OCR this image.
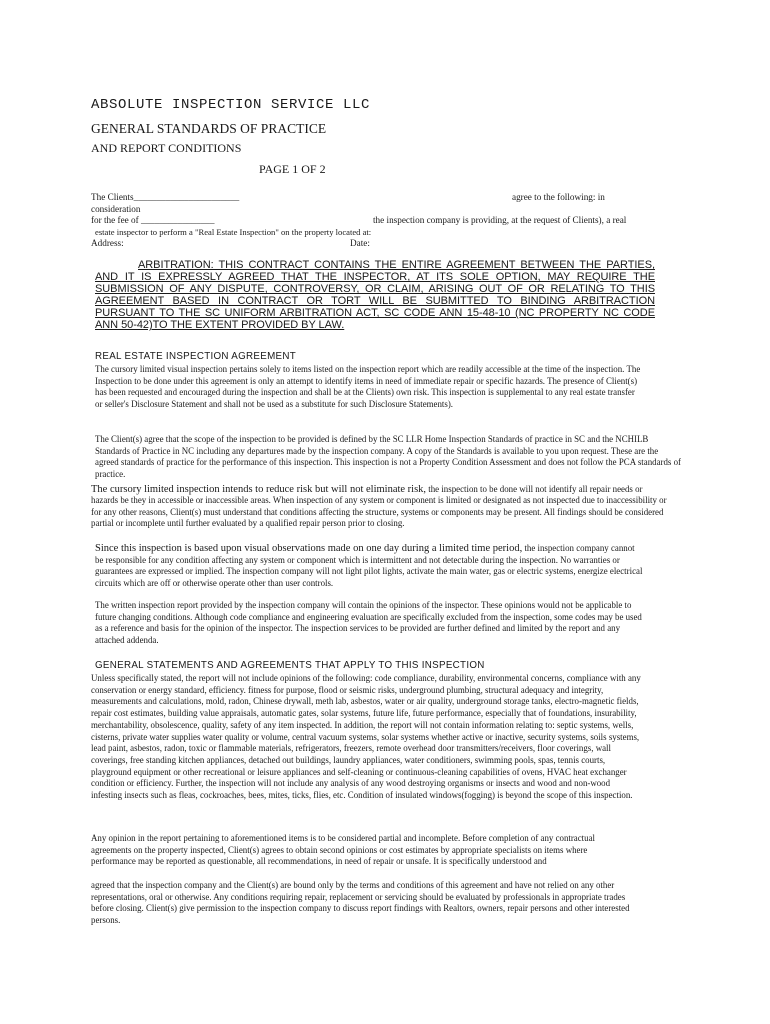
ABSOLUTE INSPECTION SERVICE LLC
GENERAL STANDARDS OF PRACTICE
AND REPORT CONDITIONS
PAGE 1 OF 2
The Clients_______________________	agree to the following: in
consideration
for the fee of ________________	the inspection company is providing, at the request of Clients), a real
estate inspector to perform a "Real Estate Inspection" on the property located at:
Address:	Date:

ARBITRATION: THIS CONTRACT CONTAINS THE ENTIRE AGREEMENT BETWEEN THE PARTIES, AND IT IS EXPRESSLY AGREED THAT THE INSPECTOR, AT ITS SOLE OPTION, MAY REQUIRE THE SUBMISSION OF ANY DISPUTE, CONTROVERSY, OR CLAIM, ARISING OUT OF OR RELATING TO THIS AGREEMENT BASED IN CONTRACT OR TORT WILL BE SUBMITTED TO BINDING ARBITRACTION PURSUANT TO THE SC UNIFORM ARBITRATION ACT, SC CODE ANN 15-48-10 (NC PROPERTY NC CODE ANN 50-42)TO THE EXTENT PROVIDED BY LAW.

REAL ESTATE INSPECTION AGREEMENT

The cursory limited visual inspection pertains solely to items listed on the inspection report which are readily accessible at the time of the inspection. The Inspection to be done under this agreement is only an attempt to identify items in need of immediate repair or specific hazards. The presence of Client(s) has been requested and encouraged during the inspection and shall be at the Clients) own risk. This inspection is supplemental to any real estate transfer or seller's Disclosure Statement and shall not be used as a substitute for such Disclosure Statements).

The Client(s) agree that the scope of the inspection to be provided is defined by the SC LLR Home Inspection Standards of practice in SC and the NCHILB Standards of Practice in NC including any departures made by the inspection company. A copy of the Standards is available to you upon request. These are the agreed standards of practice for the performance of this inspection. This inspection is not a Property Condition Assessment and does not follow the PCA standards of practice.

The cursory limited inspection intends to reduce risk but will not eliminate risk, the inspection to be done will not identify all repair needs or hazards be they in accessible or inaccessible areas. When inspection of any system or component is limited or designated as not inspected due to inaccessibility or for any other reasons, Client(s) must understand that conditions affecting the structure, systems or components may be present. All findings should be considered partial or incomplete until further evaluated by a qualified repair person prior to closing.

Since this inspection is based upon visual observations made on one day during a limited time period, the inspection company cannot be responsible for any condition affecting any system or component which is intermittent and not detectable during the inspection. No warranties or guarantees are expressed or implied. The inspection company will not light pilot lights, activate the main water, gas or electric systems, energize electrical circuits which are off or otherwise operate other than user controls.

The written inspection report provided by the inspection company will contain the opinions of the inspector. These opinions would not be applicable to future changing conditions. Although code compliance and engineering evaluation are specifically excluded from the inspection, some codes may be used as a reference and basis for the opinion of the inspector. The inspection services to be provided are further defined and limited by the report and any attached addenda.

GENERAL STATEMENTS AND AGREEMENTS THAT APPLY TO THIS INSPECTION

Unless specifically stated, the report will not include opinions of the following: code compliance, durability, environmental concerns, compliance with any conservation or energy standard, efficiency. fitness for purpose, flood or seismic risks, underground plumbing, structural adequacy and integrity, measurements and calculations, mold, radon, Chinese drywall, meth lab, asbestos, water or air quality, underground storage tanks, electro-magnetic fields, repair cost estimates, building value appraisals, automatic gates, solar systems, future life, future performance, especially that of foundations, insurability, merchantability, obsolescence, quality, safety of any item inspected. In addition, the report will not contain information relating to: septic systems, wells, cisterns, private water supplies water quality or volume, central vacuum systems, solar systems whether active or inactive, security systems, soils systems, lead paint, asbestos, radon, toxic or flammable materials, refrigerators, freezers, remote overhead door transmitters/receivers, floor coverings, wall coverings, free standing kitchen appliances, detached out buildings, laundry appliances, water conditioners, swimming pools, spas, tennis courts, playground equipment or other recreational or leisure appliances and self-cleaning or continuous-cleaning capabilities of ovens, HVAC heat exchanger condition or efficiency. Further, the inspection will not include any analysis of any wood destroying organisms or insects and wood and non-wood infesting insects such as fleas, cockroaches, bees, mites, ticks, flies, etc. Condition of insulated windows(fogging) is beyond the scope of this inspection.

Any opinion in the report pertaining to aforementioned items is to be considered partial and incomplete. Before completion of any contractual agreements on the property inspected, Client(s) agrees to obtain second opinions or cost estimates by appropriate specialists on items where performance may be reported as questionable, all recommendations, in need of repair or unsafe. It is specifically understood and

agreed that the inspection company and the Client(s) are bound only by the terms and conditions of this agreement and have not relied on any other representations, oral or otherwise. Any conditions requiring repair, replacement or servicing should be evaluated by professionals in appropriate trades before closing. Client(s) give permission to the inspection company to discuss report findings with Realtors, owners, repair persons and other interested persons.
